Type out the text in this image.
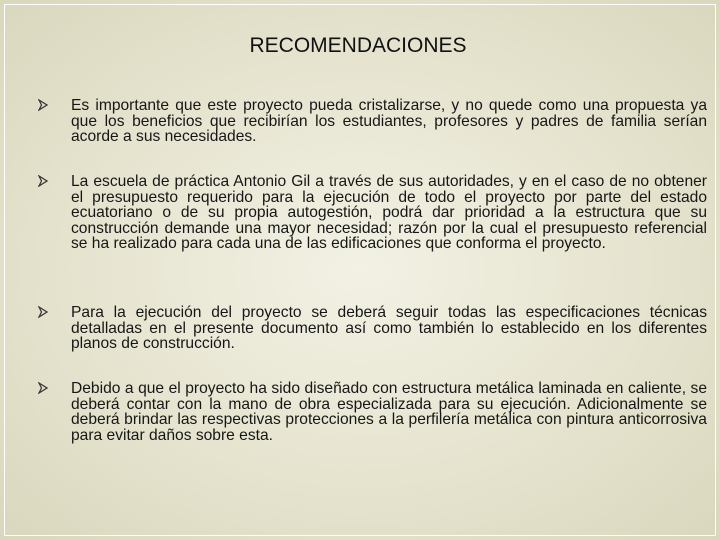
RECOMENDACIONES
Es importante que este proyecto pueda cristalizarse, y no quede como una propuesta ya que los beneficios que recibirían los estudiantes, profesores y padres de familia serían acorde a sus necesidades.
La escuela de práctica Antonio Gil a través de sus autoridades, y en el caso de no obtener el presupuesto requerido para la ejecución de todo el proyecto por parte del estado ecuatoriano o de su propia autogestión, podrá dar prioridad a la estructura que su construcción demande una mayor necesidad; razón por la cual el presupuesto referencial se ha realizado para cada una de las edificaciones que conforma el proyecto.
Para la ejecución del proyecto se deberá seguir todas las especificaciones técnicas detalladas en el presente documento así como también lo establecido en los diferentes planos de construcción.
Debido a que el proyecto ha sido diseñado con estructura metálica laminada en caliente, se deberá contar con la mano de obra especializada para su ejecución. Adicionalmente se deberá brindar las respectivas protecciones a la perfilería metálica con pintura anticorrosiva para evitar daños sobre esta.
